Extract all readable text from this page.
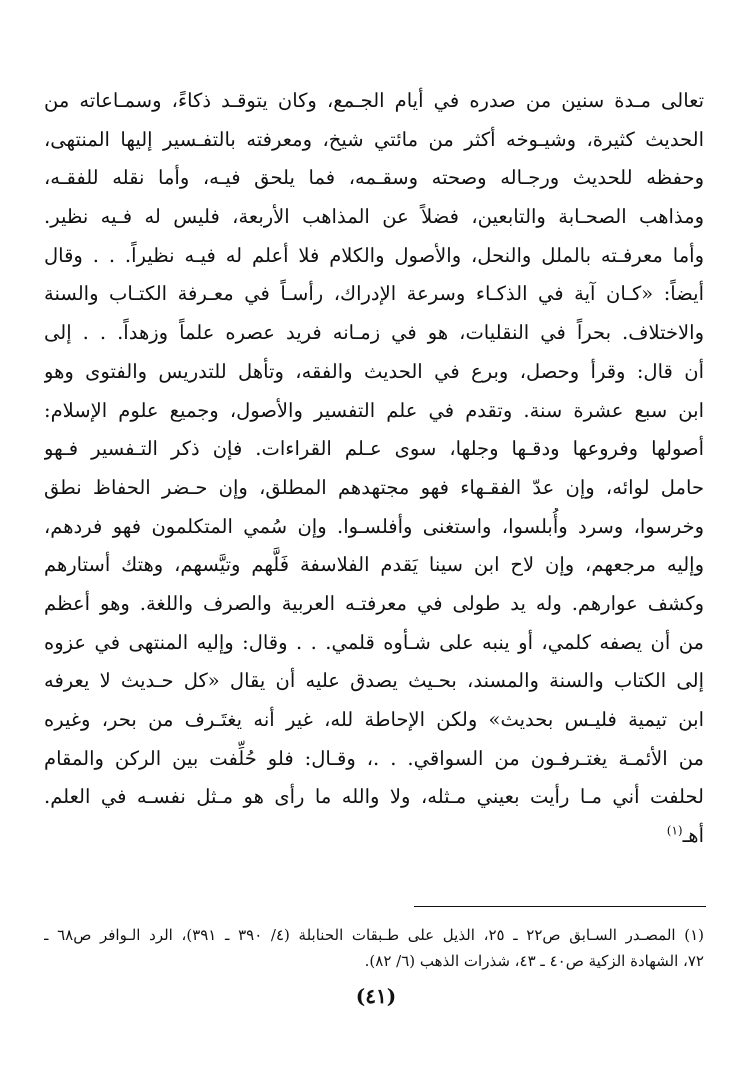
تعالى مـدة سنين من صدره في أيام الجـمع، وكان يتوقـد ذكاءً، وسمـاعاته من
الحديث كثيرة، وشيـوخه أكثر من مائتي شيخ، ومعرفته بالتفـسير إليها المنتهى،
وحفظه للحديث ورجـاله وصحته وسقـمه، فما يلحق فيـه، وأما نقله للفقـه،
ومذاهب الصحـابة والتابعين، فضلاً عن المذاهب الأربعة، فليس له فـيه نظير.
وأما معرفـته بالملل والنحل، والأصول والكلام فلا أعلم له فيـه نظيراً. . . وقال
أيضاً: «كـان آية في الذكـاء وسرعة الإدراك، رأسـاً في معـرفة الكتـاب والسنة
والاختلاف. بحراً في النقليات، هو في زمـانه فريد عصره علماً وزهداً. . . إلى
أن قال: وقرأ وحصل، وبرع في الحديث والفقه، وتأهل للتدريس والفتوى وهو
ابن سبع عشرة سنة. وتقدم في علم التفسير والأصول، وجميع علوم الإسلام:
أصولها وفروعها ودقـها وجلها، سوى عـلم القراءات. فإن ذكر التـفسير فـهو
حامل لوائه، وإن عدّ الفقـهاء فهو مجتهدهم المطلق، وإن حـضر الحفاظ نطق
وخرسوا، وسرد وأُبلسوا، واستغنى وأفلسـوا. وإن سُمي المتكلمون فهو فردهم،
وإليه مرجعهم، وإن لاح ابن سينا يَقدم الفلاسفة فَلَّهم وتيَّسهم، وهتك أستارهم
وكشف عوارهم. وله يد طولى في معرفتـه العربية والصرف واللغة. وهو أعظم
من أن يصفه كلمي، أو ينبه على شـأوه قلمي. . . وقال: وإليه المنتهى في عزوه
إلى الكتاب والسنة والمسند، بحـيث يصدق عليه أن يقال «كل حـديث لا يعرفه
ابن تيمية فليـس بحديث» ولكن الإحاطة لله، غير أنه يغتَـرف من بحر، وغيره
من الأئمـة يغتـرفـون من السواقي. . .، وقـال: فلو حُلِّفت بين الركن والمقام
لحلفت أني مـا رأيت بعيني مـثله، ولا والله ما رأى هو مـثل نفسـه في العلم.
أهـ$^{(١)}$
(١) المصـدر السـابق ص٢٢ ـ ٢٥، الذيل على طـبقات الحنابلة (٤/ ٣٩٠ ـ ٣٩١)، الرد الـوافر ص٦٨ ـ
٧٢، الشهادة الزكية ص٤٠ ـ ٤٣، شذرات الذهب (٦/ ٨٢).
(٤١)
